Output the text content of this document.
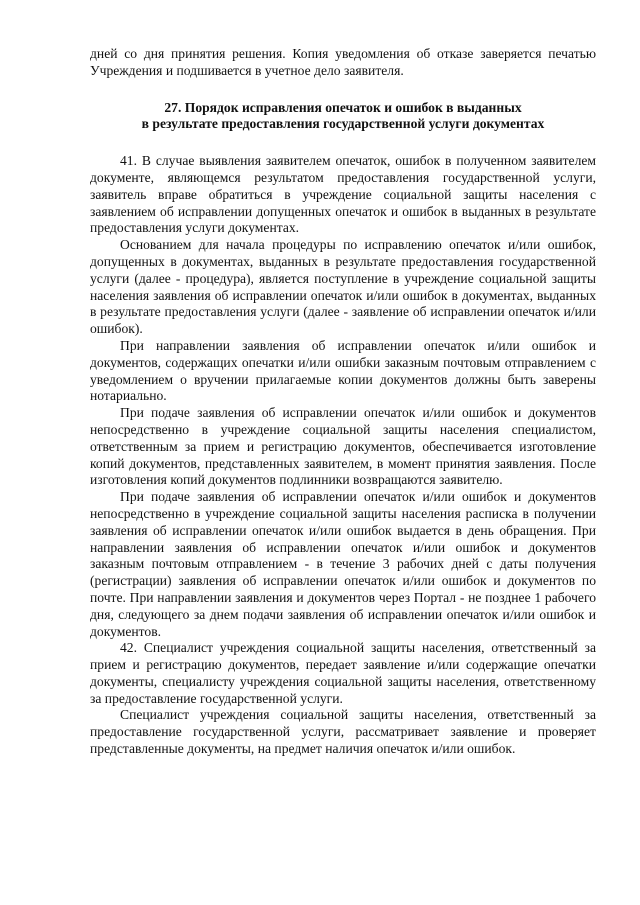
дней со дня принятия решения. Копия уведомления об отказе заверяется печатью Учреждения и подшивается в учетное дело заявителя.

27. Порядок исправления опечаток и ошибок в выданных
в результате предоставления государственной услуги документах

41. В случае выявления заявителем опечаток, ошибок в полученном заявителем документе, являющемся результатом предоставления государственной услуги, заявитель вправе обратиться в учреждение социальной защиты населения с заявлением об исправлении допущенных опечаток и ошибок в выданных в результате предоставления услуги документах.

Основанием для начала процедуры по исправлению опечаток и/или ошибок, допущенных в документах, выданных в результате предоставления государственной услуги (далее - процедура), является поступление в учреждение социальной защиты населения заявления об исправлении опечаток и/или ошибок в документах, выданных в результате предоставления услуги (далее - заявление об исправлении опечаток и/или ошибок).

При направлении заявления об исправлении опечаток и/или ошибок и документов, содержащих опечатки и/или ошибки заказным почтовым отправлением с уведомлением о вручении прилагаемые копии документов должны быть заверены нотариально.

При подаче заявления об исправлении опечаток и/или ошибок и документов непосредственно в учреждение социальной защиты населения специалистом, ответственным за прием и регистрацию документов, обеспечивается изготовление копий документов, представленных заявителем, в момент принятия заявления. После изготовления копий документов подлинники возвращаются заявителю.

При подаче заявления об исправлении опечаток и/или ошибок и документов непосредственно в учреждение социальной защиты населения расписка в получении заявления об исправлении опечаток и/или ошибок выдается в день обращения. При направлении заявления об исправлении опечаток и/или ошибок и документов заказным почтовым отправлением - в течение 3 рабочих дней с даты получения (регистрации) заявления об исправлении опечаток и/или ошибок и документов по почте. При направлении заявления и документов через Портал - не позднее 1 рабочего дня, следующего за днем подачи заявления об исправлении опечаток и/или ошибок и документов.

42. Специалист учреждения социальной защиты населения, ответственный за прием и регистрацию документов, передает заявление и/или содержащие опечатки документы, специалисту учреждения социальной защиты населения, ответственному за предоставление государственной услуги.

Специалист учреждения социальной защиты населения, ответственный за предоставление государственной услуги, рассматривает заявление и проверяет представленные документы, на предмет наличия опечаток и/или ошибок.
